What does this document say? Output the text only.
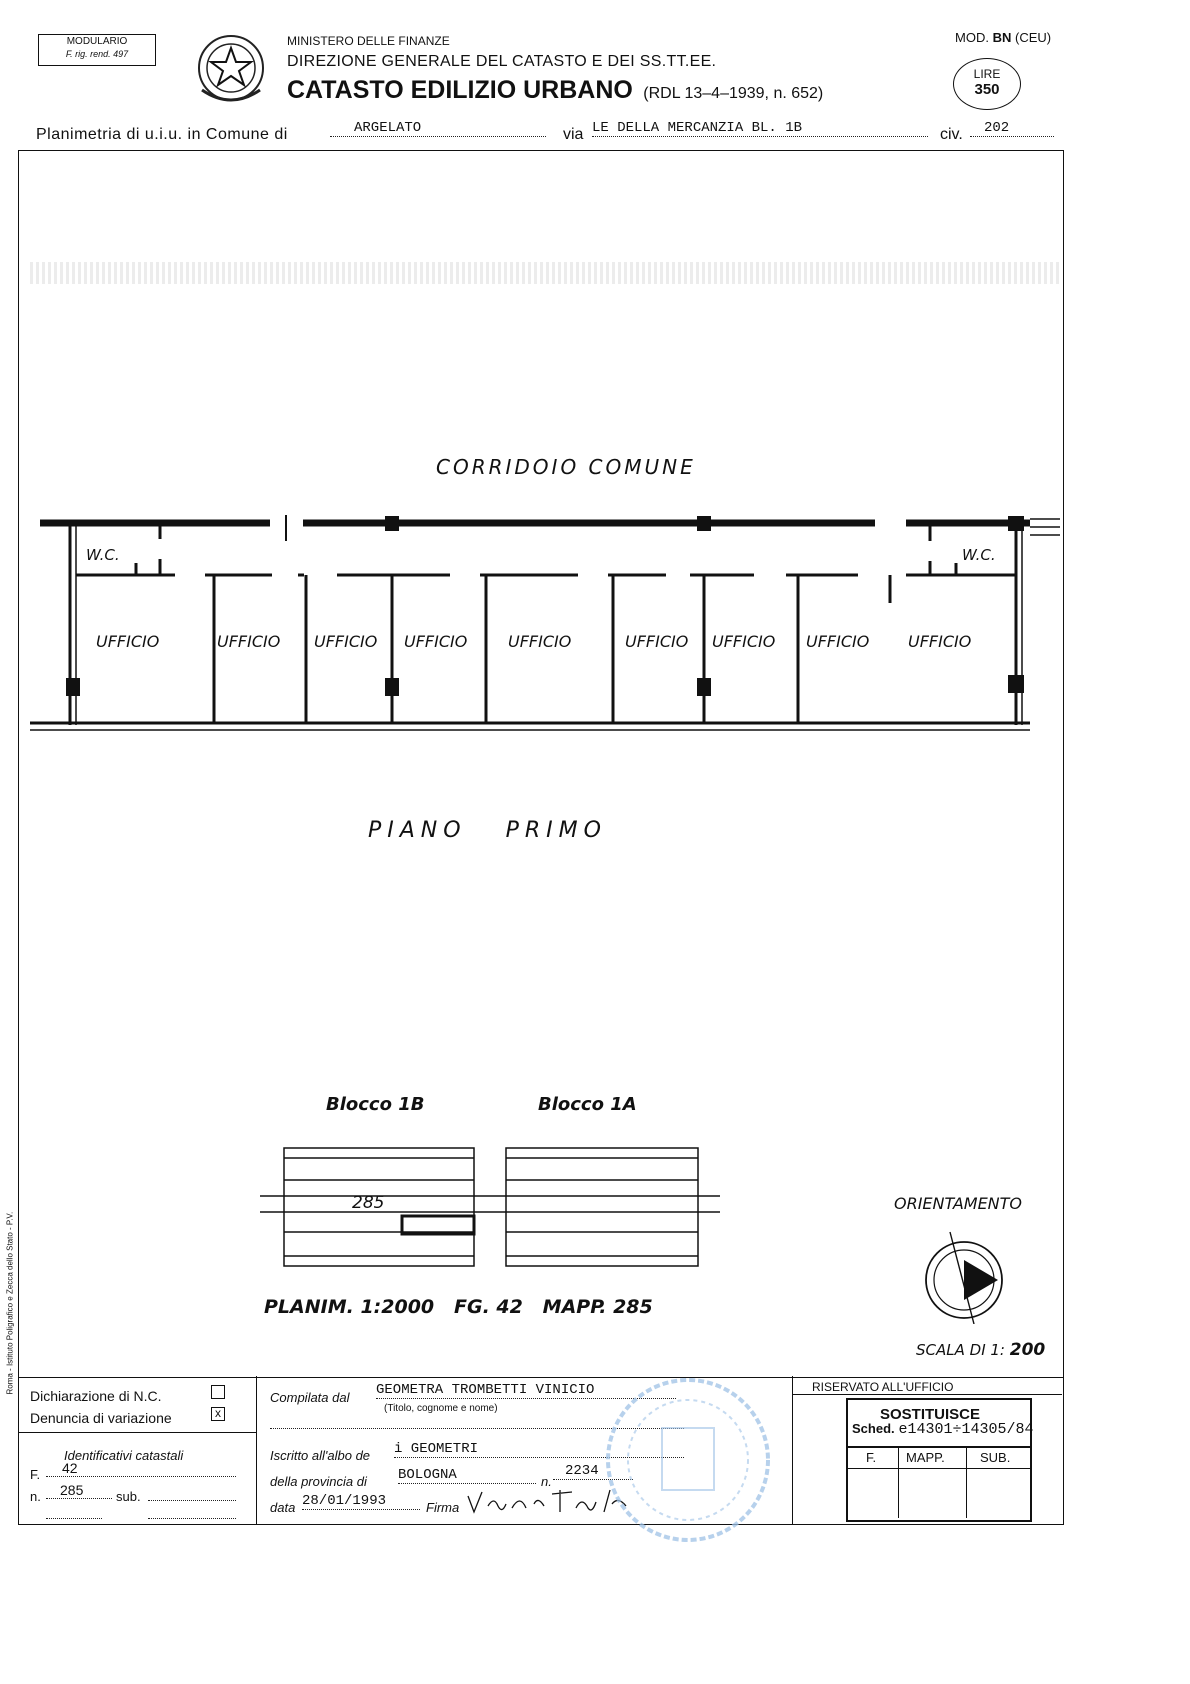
MODULARIO
F. rig. rend. 497
MINISTERO DELLE FINANZE
DIREZIONE GENERALE DEL CATASTO E DEI SS.TT.EE.
CATASTO EDILIZIO URBANO (RDL 13–4–1939, n. 652)
MOD. BN (CEU)
LIRE
350
Planimetria di u.i.u. in Comune di	ARGELATO	via LE DELLA MERCANZIA BL. 1B	civ.	202
Roma - Istituto Poligrafico e Zecca dello Stato - P.V.
CORRIDOIO COMUNE
W.C.	W.C.
UFFICIO	UFFICIO UFFICIO UFFICIO	UFFICIO	UFFICIO UFFICIO UFFICIO UFFICIO
PIANO PRIMO
Blocco 1B	Blocco 1A
285
PLANIM. 1:2000   FG. 42   MAPP. 285
ORIENTAMENTO
SCALA DI 1: 200
Dichiarazione di N.C.
Denuncia di variazione	x
Identificativi catastali
F.	42
n.	285	sub.
Compilata dal GEOMETRA TROMBETTI VINICIO
(Titolo, cognome e nome)
Iscritto all'albo de i GEOMETRI
della provincia di BOLOGNA	n.
2234
data 28/01/1993	Firma
RISERVATO ALL'UFFICIO
SOSTITUISCE
Sched. e14301÷14305/84
F. MAPP.	SUB.
